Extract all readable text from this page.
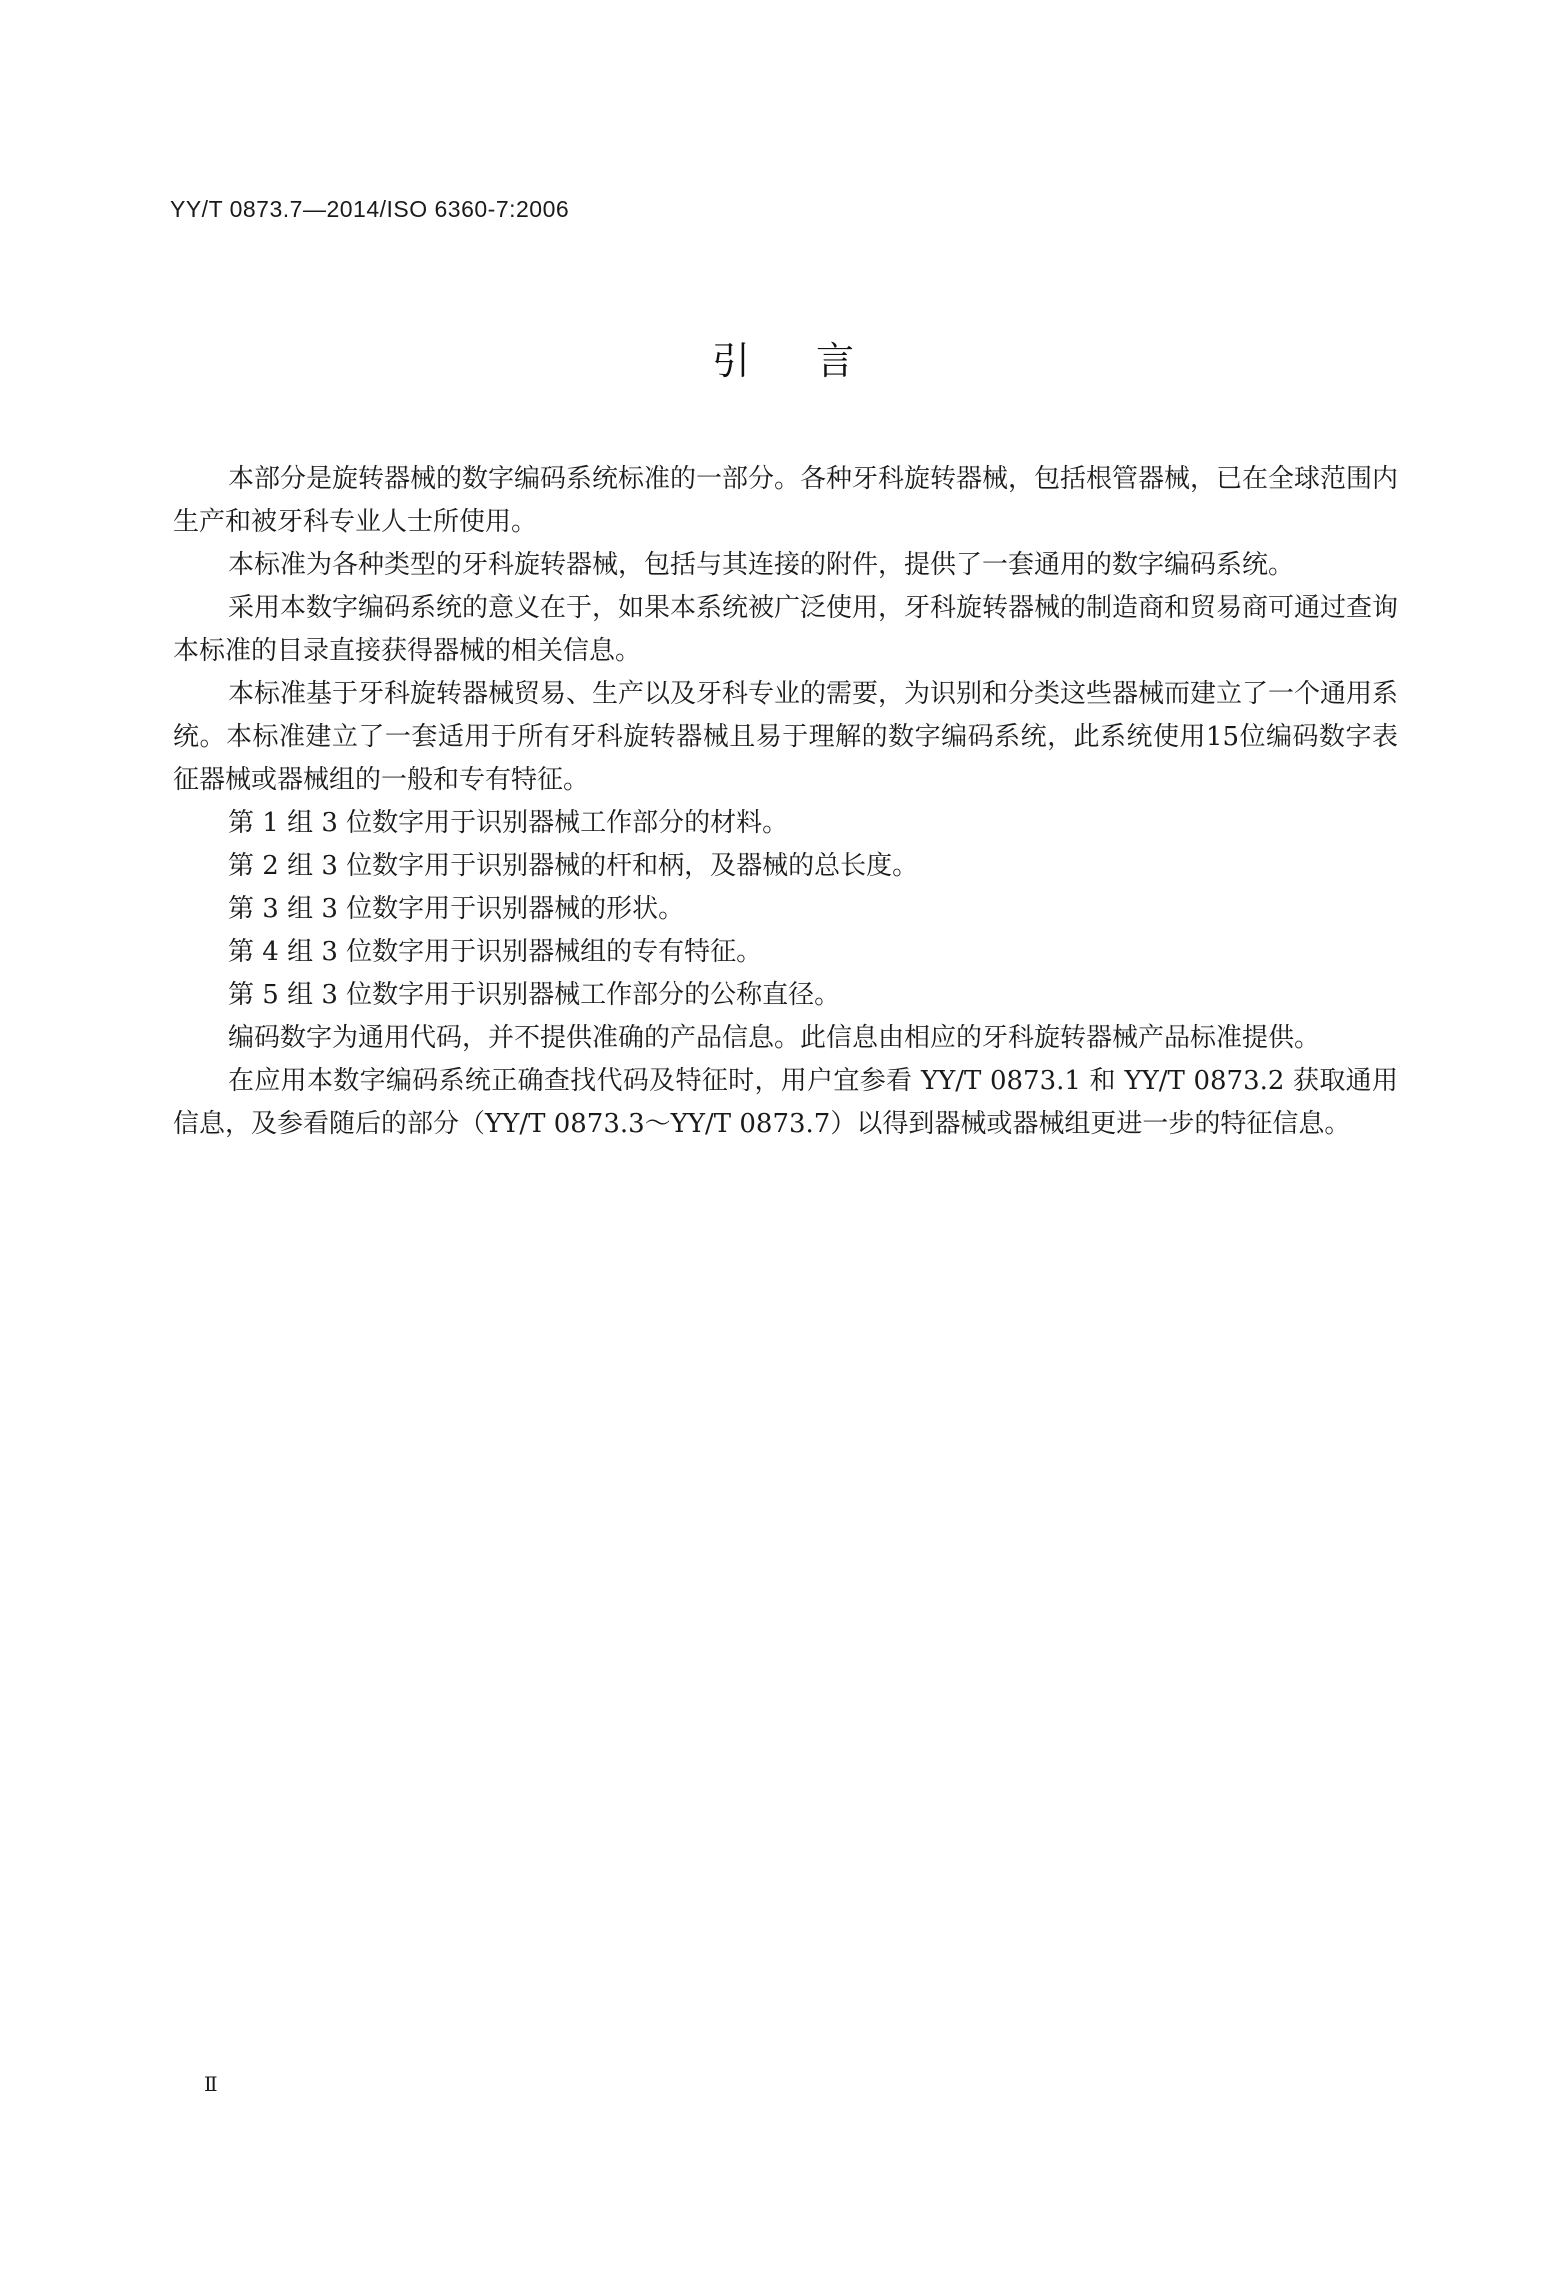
YY/T 0873.7—2014/ISO 6360-7:2006
引言

本部分是旋转器械的数字编码系统标准的一部分。各种牙科旋转器械，包括根管器械，已在全球范围内生产和被牙科专业人士所使用。

本标准为各种类型的牙科旋转器械，包括与其连接的附件，提供了一套通用的数字编码系统。

采用本数字编码系统的意义在于，如果本系统被广泛使用，牙科旋转器械的制造商和贸易商可通过查询本标准的目录直接获得器械的相关信息。

本标准基于牙科旋转器械贸易、生产以及牙科专业的需要，为识别和分类这些器械而建立了一个通用系统。本标准建立了一套适用于所有牙科旋转器械且易于理解的数字编码系统，此系统使用15位编码数字表征器械或器械组的一般和专有特征。

第 1 组 3 位数字用于识别器械工作部分的材料。

第 2 组 3 位数字用于识别器械的杆和柄，及器械的总长度。

第 3 组 3 位数字用于识别器械的形状。

第 4 组 3 位数字用于识别器械组的专有特征。

第 5 组 3 位数字用于识别器械工作部分的公称直径。

编码数字为通用代码，并不提供准确的产品信息。此信息由相应的牙科旋转器械产品标准提供。

在应用本数字编码系统正确查找代码及特征时，用户宜参看 YY/T 0873.1 和 YY/T 0873.2 获取通用信息，及参看随后的部分（YY/T 0873.3～YY/T 0873.7）以得到器械或器械组更进一步的特征信息。

Ⅱ
